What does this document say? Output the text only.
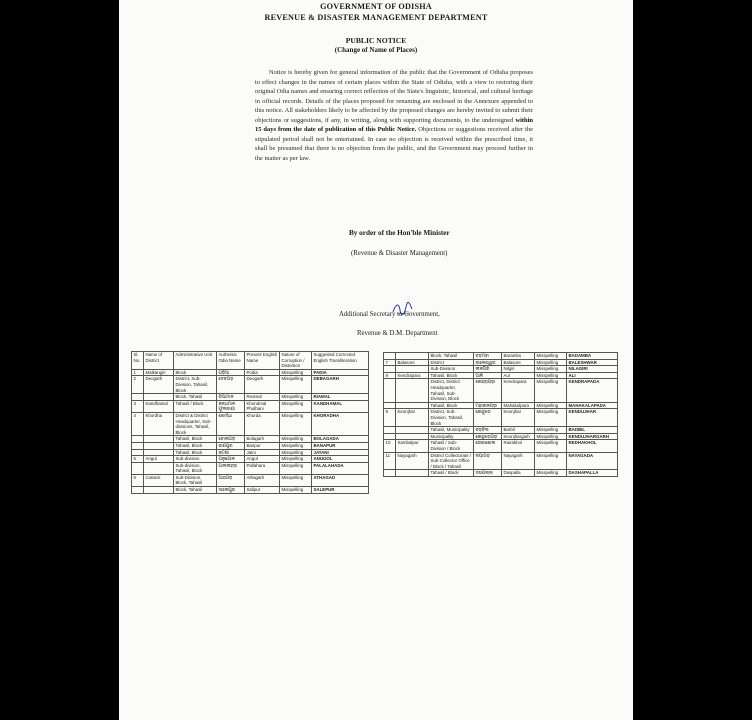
GOVERNMENT OF ODISHA
REVENUE & DISASTER MANAGEMENT DEPARTMENT
PUBLIC NOTICE
(Change of Name of Places)
Notice is hereby given for general information of the public that the Government of Odisha proposes to effect changes in the names of certain places within the State of Odisha, with a view to restoring their original Odia names and ensuring correct reflection of the State's linguistic, historical, and cultural heritage in official records. Details of the places proposed for renaming are enclosed in the Annexure appended to this notice. All stakeholders likely to be affected by the proposed changes are hereby invited to submit their objections or suggestions, if any, in writing, along with supporting documents, to the undersigned within 15 days from the date of publication of this Public Notice. Objections or suggestions received after the stipulated period shall not be entertained. In case no objection is received within the prescribed time, it shall be presumed that there is no objection from the public, and the Government may proceed further in the matter as per law.
By order of the Hon'ble Minister
(Revenue & Disaster Management)
Additional Secretary to Government,
Revenue & D.M. Department
Sl. No.	Name of District	Administrative Unit	Authentic Odia Name	Present English Name	Nature of Corruption / Distortion	Suggested Corrected English Transliteration
1	Malkangiri	Block	ପଡ଼ିଆ	Podia	Misspelling	PADIA
2	Deogarh	District, Sub-Division, Tahasil, Block	ଦେବଗଡ଼	Deogarh	Misspelling	DEBAGARH
		Block, Tahasil	ରିଆମାଳ	Reamal	Misspelling	RIAMAL
3	Kandhamal	Tahasil / Block	କନ୍ଧମାଳ ଫୁଲବାଣୀ	Khondmal Phulbani	Misspelling	KANDHAMAL
4	Khordha	District & District Headquarter, Sub-divisions, Tahasil, Block	ଖୋର୍ଦ୍ଧା	Khurda	Misspelling	KHORADHA
		Tahasil, Block	ବୋଲଗଡ଼	Bolagarh	Misspelling	BOLAGADA
		Tahasil, Block	ବାଣପୁର	Banpur	Misspelling	BANAPUR
		Tahasil, Block	ଜଟଣୀ	Jatni	Misspelling	JATANI
5	Angul	Sub-division	ଅନୁଗୋଳ	Angul	Misspelling	ANUGOL
		Sub-division, Tahasil, Block	ପାଲଲହଡ଼ା	Pallahara	Misspelling	PALALAHADA
6	Cuttack	Sub-Division, Block, Tahasil	ଆଠଗଡ଼	Athagarh	Misspelling	ATHAGAD
		Block, Tahasil	ସାଲେପୁର	Salipur	Misspelling	SALEPUR
		Block, Tahasil	ବଡ଼ମ୍ବା	Barambs	Misspelling	BADAMBA
7	Balasore	District	ବାଲେଶ୍ୱର	Balasore	Misspelling	BALESHWAR
		Sub-Division	ନୀଳଗିରି	Nilgiri	Misspelling	NILAGIRI
8	Kendrapara	Tahasil, Block	ଆଳି	Aul	Misspelling	ALI
		District, District Headquarter, Tahasil, Sub-Division, Block	କେନ୍ଦ୍ରାପଡ଼ା	Kendrapara	Misspelling	KENDRAPADA
		Tahasil, Block	ମହାକାଳପଡ଼ା	Mahakalpara	Misspelling	MAHAKALAPADA
9	Keonjhar	District, Sub-Division, Tahasil, Block	କେନ୍ଦୁଝର	Keonjhar	Misspelling	KENDUJHAR
		Tahasil, Municipality	ବଡ଼ବିଲ	Barbil	Misspelling	BADBIL
		Municipality	କେନ୍ଦୁଝରଗଡ଼	Keonjhargarh	Misspelling	KENDUJHARGARH
10	Sambalpur	Tahasil / Sub-Division / Block	ରେଢାଖୋଲ	Rairakhol	Misspelling	REDHAKHOL
11	Nayagarh	District Collectorate / Sub-Collector Office / Block / Tahasil	ନୟାଗଡ଼	Nayagarh	Misspelling	NAYAGADA
		Tahasil / Block	ଦଶପଲ୍ଲା	Daspalla	Misspelling	DASHAPALLA
